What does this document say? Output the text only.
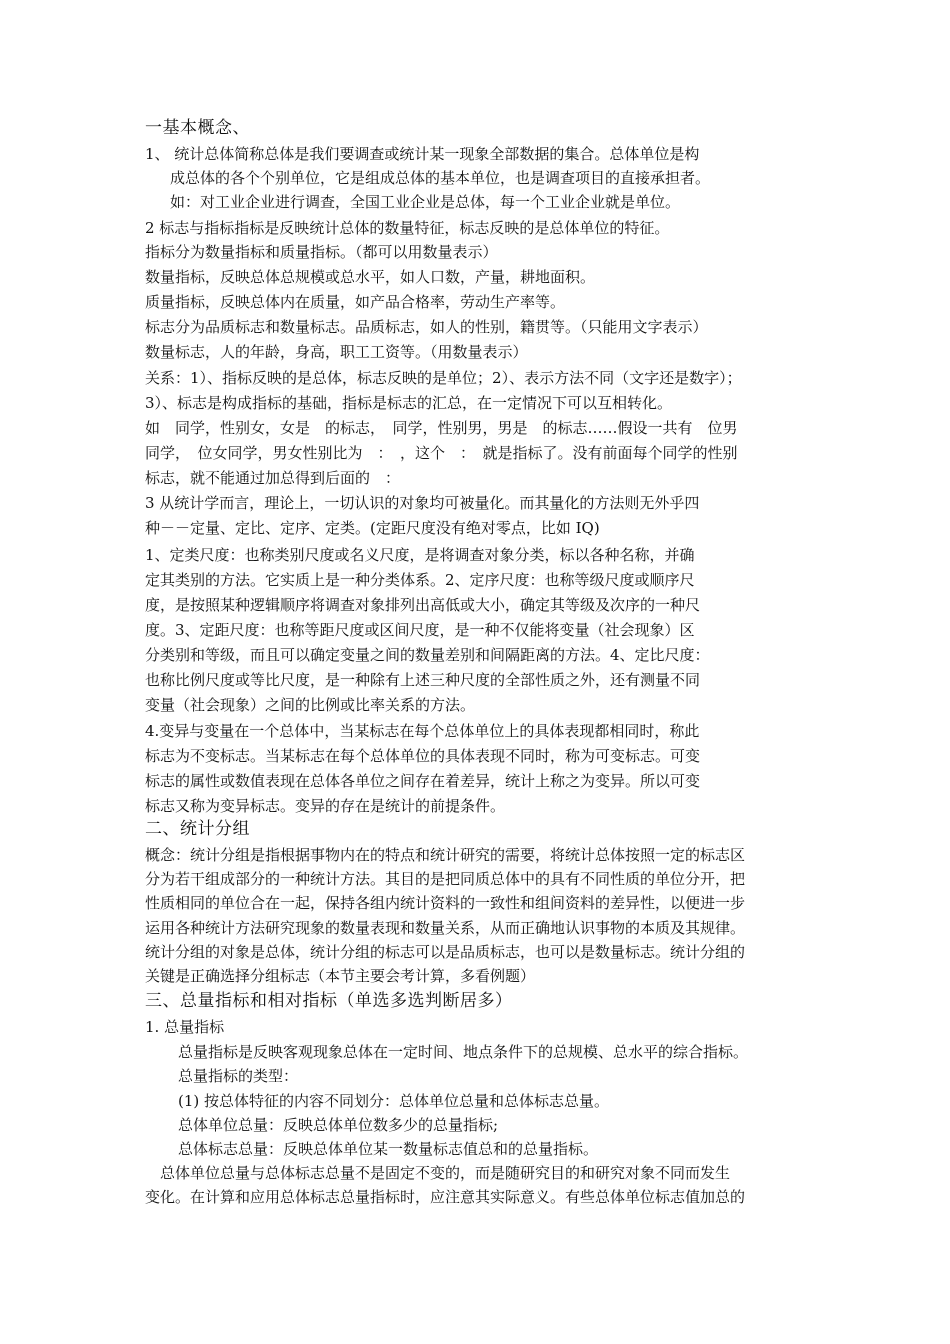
一基本概念、
1、 统计总体简称总体是我们要调查或统计某一现象全部数据的集合。总体单位是构
成总体的各个个别单位，它是组成总体的基本单位，也是调查项目的直接承担者。
如：对工业企业进行调查，全国工业企业是总体，每一个工业企业就是单位。
2 标志与指标指标是反映统计总体的数量特征，标志反映的是总体单位的特征。
指标分为数量指标和质量指标。（都可以用数量表示）
数量指标，反映总体总规模或总水平，如人口数，产量，耕地面积。
质量指标，反映总体内在质量，如产品合格率，劳动生产率等。
标志分为品质标志和数量标志。品质标志，如人的性别，籍贯等。（只能用文字表示）
数量标志，人的年龄，身高，职工工资等。（用数量表示）
关系：1）、指标反映的是总体，标志反映的是单位；2）、表示方法不同（文字还是数字）；
3）、标志是构成指标的基础，指标是标志的汇总，在一定情况下可以互相转化。
如　同学，性别女，女是　的标志，　同学，性别男，男是　的标志……假设一共有　位男
同学，　位女同学，男女性别比为　：　，这个　：　就是指标了。没有前面每个同学的性别
标志，就不能通过加总得到后面的　：
3 从统计学而言，理论上，一切认识的对象均可被量化。而其量化的方法则无外乎四
种－－定量、定比、定序、定类。(定距尺度没有绝对零点，比如 IQ)
1、定类尺度：也称类别尺度或名义尺度，是将调查对象分类，标以各种名称，并确
定其类别的方法。它实质上是一种分类体系。2、定序尺度：也称等级尺度或顺序尺
度，是按照某种逻辑顺序将调查对象排列出高低或大小，确定其等级及次序的一种尺
度。3、定距尺度：也称等距尺度或区间尺度，是一种不仅能将变量（社会现象）区
分类别和等级，而且可以确定变量之间的数量差别和间隔距离的方法。4、定比尺度：
也称比例尺度或等比尺度，是一种除有上述三种尺度的全部性质之外，还有测量不同
变量（社会现象）之间的比例或比率关系的方法。
4.变异与变量在一个总体中，当某标志在每个总体单位上的具体表现都相同时，称此
标志为不变标志。当某标志在每个总体单位的具体表现不同时，称为可变标志。可变
标志的属性或数值表现在总体各单位之间存在着差异，统计上称之为变异。所以可变
标志又称为变异标志。变异的存在是统计的前提条件。
二、统计分组
概念：统计分组是指根据事物内在的特点和统计研究的需要，将统计总体按照一定的标志区
分为若干组成部分的一种统计方法。其目的是把同质总体中的具有不同性质的单位分开，把
性质相同的单位合在一起，保持各组内统计资料的一致性和组间资料的差异性，以便进一步
运用各种统计方法研究现象的数量表现和数量关系，从而正确地认识事物的本质及其规律。
统计分组的对象是总体，统计分组的标志可以是品质标志，也可以是数量标志。统计分组的
关键是正确选择分组标志（本节主要会考计算，多看例题）
三、总量指标和相对指标（单选多选判断居多）
1. 总量指标
总量指标是反映客观现象总体在一定时间、地点条件下的总规模、总水平的综合指标。
总量指标的类型：
(1) 按总体特征的内容不同划分：总体单位总量和总体标志总量。
总体单位总量：反映总体单位数多少的总量指标;
总体标志总量：反映总体单位某一数量标志值总和的总量指标。
　总体单位总量与总体标志总量不是固定不变的，而是随研究目的和研究对象不同而发生
变化。在计算和应用总体标志总量指标时，应注意其实际意义。有些总体单位标志值加总的
